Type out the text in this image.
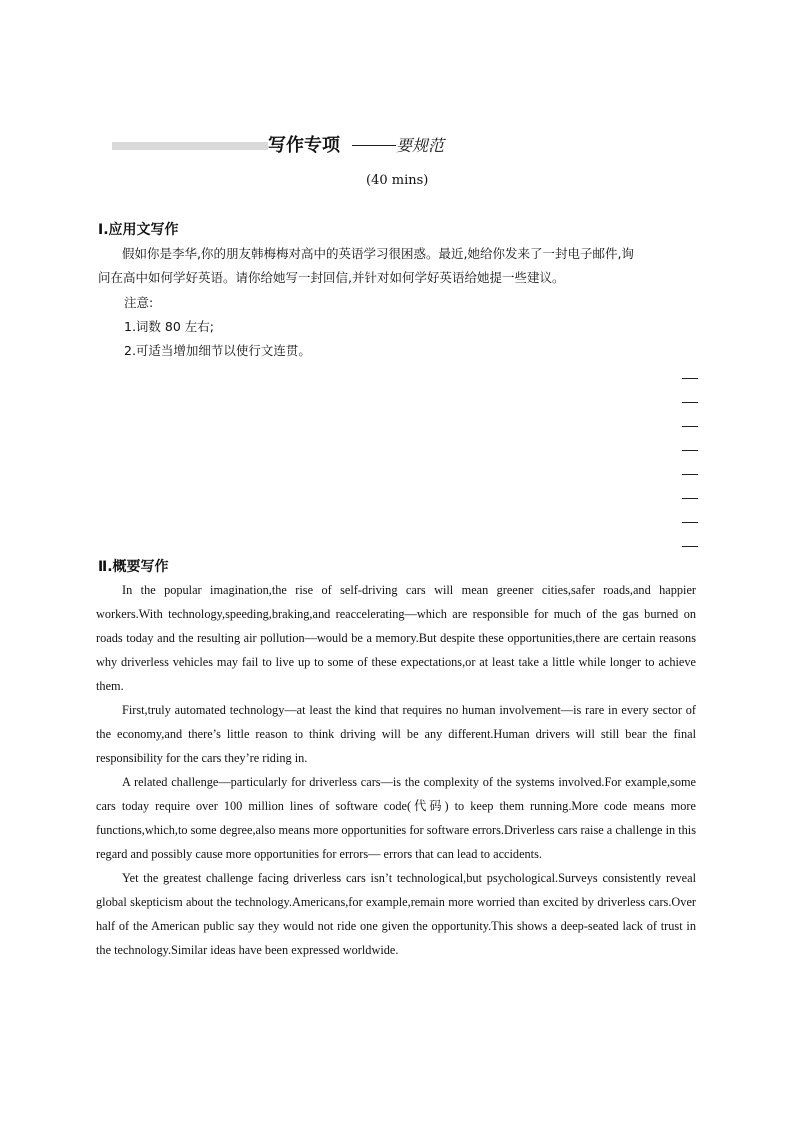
写作专项	要规范
(40 mins)
Ⅰ.应用文写作
假如你是李华,你的朋友韩梅梅对高中的英语学习很困惑。最近,她给你发来了一封电子邮件,询
问在高中如何学好英语。请你给她写一封回信,并针对如何学好英语给她提一些建议。
注意:
1.词数 80 左右;
2.可适当增加细节以使行文连贯。
Ⅱ.概要写作

In the popular imagination,the rise of self-driving cars will mean greener cities,safer roads,and happier workers.With technology,speeding,braking,and reaccelerating—which are responsible for much of the gas burned on roads today and the resulting air pollution—would be a memory.But despite these opportunities,there are certain reasons why driverless vehicles may fail to live up to some of these expectations,or at least take a little while longer to achieve them.

First,truly automated technology—at least the kind that requires no human involvement—is rare in every sector of the economy,and there’s little reason to think driving will be any different.Human drivers will still bear the final responsibility for the cars they’re riding in.

A related challenge—particularly for driverless cars—is the complexity of the systems involved.For example,some cars today require over 100 million lines of software code(代码) to keep them running.More code means more functions,which,to some degree,also means more opportunities for software errors.Driverless cars raise a challenge in this regard and possibly cause more opportunities for errors— errors that can lead to accidents.

Yet the greatest challenge facing driverless cars isn’t technological,but psychological.Surveys consistently reveal global skepticism about the technology.Americans,for example,remain more worried than excited by driverless cars.Over half of the American public say they would not ride one given the opportunity.This shows a deep-seated lack of trust in the technology.Similar ideas have been expressed worldwide.
